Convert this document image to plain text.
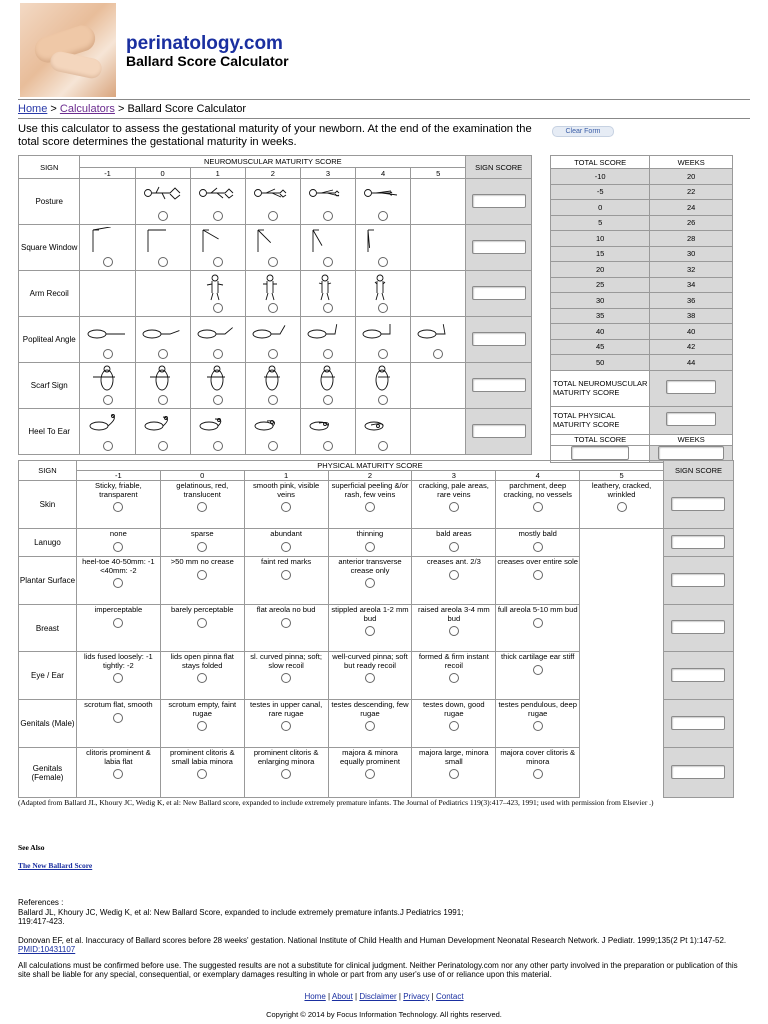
perinatology.com
Ballard Score Calculator
Home > Calculators > Ballard Score Calculator
Use this calculator to assess the gestational maturity of your newborn. At the end of the examination the total score determines the gestational maturity in weeks.
Clear Form
SIGN	NEUROMUSCULAR MATURITY SCORE							SIGN SCORE
	-1	0	1	2	3	4	5	
Posture		

Square Window	

Arm Recoil			

Popliteal Angle	

Scarf Sign	

Heel To Ear	

TOTAL SCORE	WEEKS
-10	20
-5	22
0	24
5	26
10	28
15	30
20	32
25	34
30	36
35	38
40	40
45	42
50	44
TOTAL NEUROMUSCULAR MATURITY SCORE	
TOTAL PHYSICAL MATURITY SCORE	
TOTAL SCORE	WEEKS

SIGN	PHYSICAL MATURITY SCORE							SIGN SCORE
	-1	0	1	2	3	4	5	
Skin	Sticky, friable, transparent	gelatinous, red, translucent	smooth pink, visible veins	superficial peeling &/or rash, few veins	cracking, pale areas, rare veins	parchment, deep cracking, no vessels	leathery, cracked, wrinkled	

Lanugo	none	sparse	abundant	thinning	bald areas	mostly bald		

Plantar Surface	heel-toe 40-50mm: -1 <40mm: -2	>50 mm no crease	faint red marks	anterior transverse crease only	creases ant. 2/3	creases over entire sole		

Breast	imperceptable	barely perceptable	flat areola no bud	stippled areola 1-2 mm bud	raised areola 3-4 mm bud	full areola 5-10 mm bud		

Eye / Ear	lids fused loosely: -1 tightly: -2	lids open pinna flat stays folded	sl. curved pinna; soft; slow recoil	well-curved pinna; soft but ready recoil	formed & firm instant recoil	thick cartilage ear stiff		

Genitals (Male)	scrotum flat, smooth	scrotum empty, faint rugae	testes in upper canal, rare rugae	testes descending, few rugae	testes down, good rugae	testes pendulous, deep rugae		

Genitals (Female)	clitoris prominent & labia flat	prominent clitoris & small labia minora	prominent clitoris & enlarging minora	majora & minora equally prominent	majora large, minora small	majora cover clitoris & minora		

(Adapted from Ballard JL, Khoury JC, Wedig K, et al: New Ballard score, expanded to include extremely premature infants. The Journal of Pediatrics 119(3):417–423, 1991; used with permission from Elsevier .)
See Also
The New Ballard Score
References :
Ballard JL, Khoury JC, Wedig K, et al: New Ballard Score, expanded to include extremely premature infants.J Pediatrics 1991; 119:417-423.
Donovan EF, et al. Inaccuracy of Ballard scores before 28 weeks' gestation. National Institute of Child Health and Human Development Neonatal Research Network. J Pediatr. 1999;135(2 Pt 1):147-52. PMID:10431107
All calculations must be confirmed before use. The suggested results are not a substitute for clinical judgment. Neither Perinatology.com nor any other party involved in the preparation or publication of this site shall be liable for any special, consequential, or exemplary damages resulting in whole or part from any user's use of or reliance upon this material.
Home | About | Disclaimer | Privacy | Contact
Copyright © 2014 by Focus Information Technology. All rights reserved.
